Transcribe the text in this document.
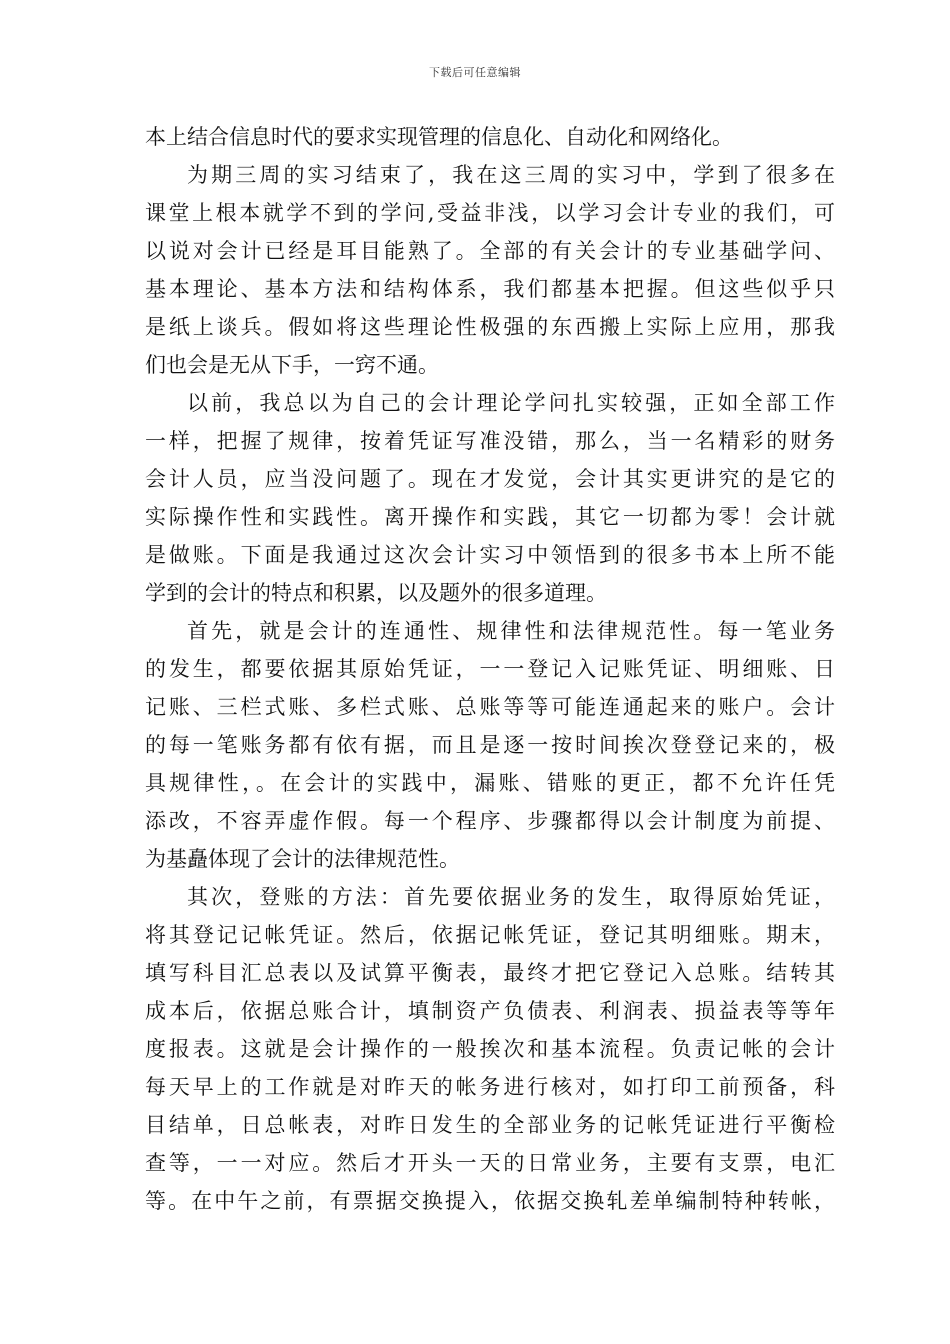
下载后可任意编辑
本上结合信息时代的要求实现管理的信息化、自动化和网络化。
为期三周的实习结束了，我在这三周的实习中，学到了很多在
课堂上根本就学不到的学问,受益非浅，以学习会计专业的我们，可
以说对会计已经是耳目能熟了。全部的有关会计的专业基础学问、
基本理论、基本方法和结构体系，我们都基本把握。但这些似乎只
是纸上谈兵。假如将这些理论性极强的东西搬上实际上应用，那我
们也会是无从下手，一窍不通。
以前，我总以为自己的会计理论学问扎实较强，正如全部工作
一样，把握了规律，按着凭证写准没错，那么，当一名精彩的财务
会计人员，应当没问题了。现在才发觉，会计其实更讲究的是它的
实际操作性和实践性。离开操作和实践，其它一切都为零！会计就
是做账。下面是我通过这次会计实习中领悟到的很多书本上所不能
学到的会计的特点和积累，以及题外的很多道理。
首先，就是会计的连通性、规律性和法律规范性。每一笔业务
的发生，都要依据其原始凭证，一一登记入记账凭证、明细账、日
记账、三栏式账、多栏式账、总账等等可能连通起来的账户。会计
的每一笔账务都有依有据，而且是逐一按时间挨次登登记来的，极
具规律性，。在会计的实践中，漏账、错账的更正，都不允许任凭
添改，不容弄虚作假。每一个程序、步骤都得以会计制度为前提、
为基矗体现了会计的法律规范性。
其次，登账的方法：首先要依据业务的发生，取得原始凭证，
将其登记记帐凭证。然后，依据记帐凭证，登记其明细账。期末，
填写科目汇总表以及试算平衡表，最终才把它登记入总账。结转其
成本后，依据总账合计，填制资产负债表、利润表、损益表等等年
度报表。这就是会计操作的一般挨次和基本流程。负责记帐的会计
每天早上的工作就是对昨天的帐务进行核对，如打印工前预备，科
目结单，日总帐表，对昨日发生的全部业务的记帐凭证进行平衡检
查等，一一对应。然后才开头一天的日常业务，主要有支票，电汇
等。在中午之前，有票据交换提入，依据交换轧差单编制特种转帐，
